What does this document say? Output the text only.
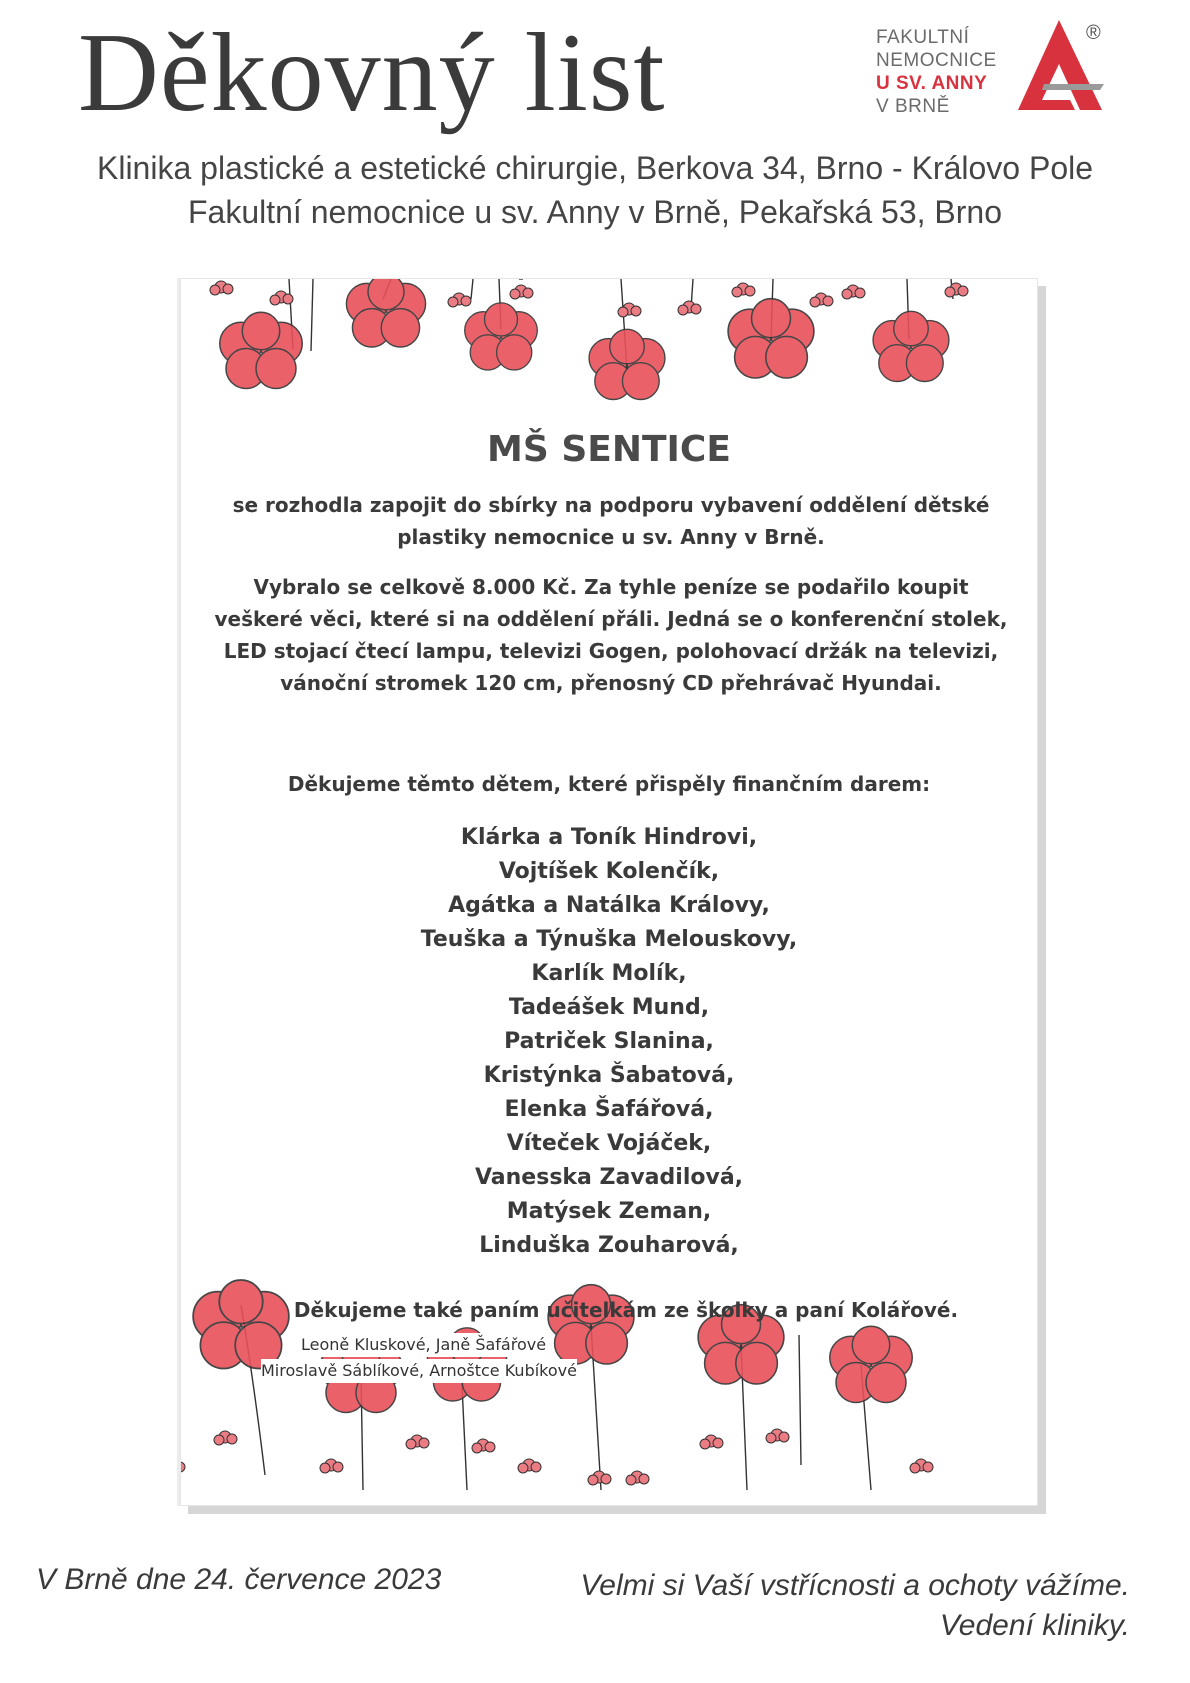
Děkovný list	FAKULTNÍ
NEMOCNICE
U SV. ANNY
V BRNĚ
®
Klinika plastické a estetické chirurgie, Berkova 34, Brno - Královo Pole
Fakultní nemocnice u sv. Anny v Brně, Pekařská 53, Brno
MŠ SENTICE
se rozhodla zapojit do sbírky na podporu vybavení oddělení dětské plastiky nemocnice u sv. Anny v Brně.
Vybralo se celkově 8.000 Kč. Za tyhle peníze se podařilo koupit veškeré věci, které si na oddělení přáli. Jedná se o konferenční stolek, LED stojací čtecí lampu, televizi Gogen, polohovací držák na televizi, vánoční stromek 120 cm, přenosný CD přehrávač Hyundai.
Děkujeme těmto dětem, které přispěly finančním darem:
Klárka a Toník Hindrovi,
Vojtíšek Kolenčík,
Agátka a Natálka Královy,
Teuška a Týnuška Melouskovy,
Karlík Molík,
Tadeášek Mund,
Patriček Slanina,
Kristýnka Šabatová,
Elenka Šafářová,
Víteček Vojáček,
Vanesska Zavadilová,
Matýsek Zeman,
Linduška Zouharová,
Děkujeme také paním učitelkám ze školky a paní Kolářové.
Leoně Kluskové, Janě Šafářové
Miroslavě Sáblíkové, Arnoštce Kubíkové
V Brně dne 24. července 2023	Velmi si Vaší vstřícnosti a ochoty vážíme.
Vedení kliniky.
